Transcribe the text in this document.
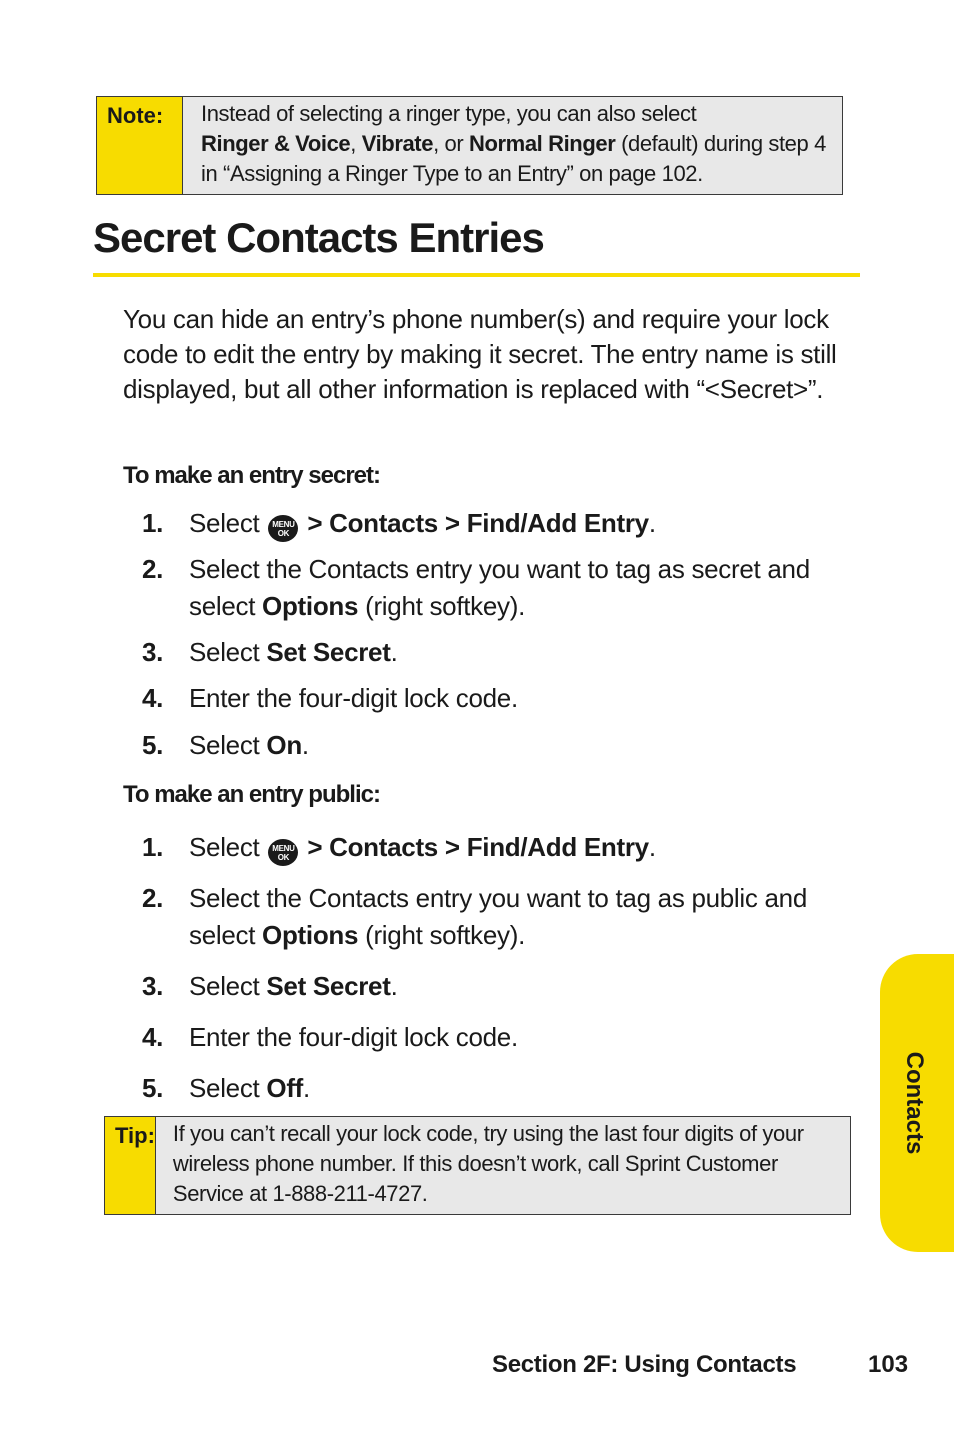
Note:	Instead of selecting a ringer type, you can also select
Ringer & Voice, Vibrate, or Normal Ringer (default) during step 4
in “Assigning a Ringer Type to an Entry” on page 102.
Secret Contacts Entries

You can hide an entry’s phone number(s) and require your lock code to edit the entry by making it secret. The entry name is still displayed, but all other information is replaced with “<Secret>”.

To make an entry secret:

1. Select MENU
OK > Contacts > Find/Add Entry.
2. Select the Contacts entry you want to tag as secret and select Options (right softkey).
3. Select Set Secret.
4. Enter the four-digit lock code.
5. Select On.

To make an entry public:

1. Select MENU
OK > Contacts > Find/Add Entry.
2. Select the Contacts entry you want to tag as public and select Options (right softkey).
3. Select Set Secret.
4. Enter the four-digit lock code.
5. Select Off.
Tip: If you can’t recall your lock code, try using the last four digits of your wireless phone number. If this doesn’t work, call Sprint Customer Service at 1-888-211-4727.
Contacts
Section 2F: Using Contacts	103
